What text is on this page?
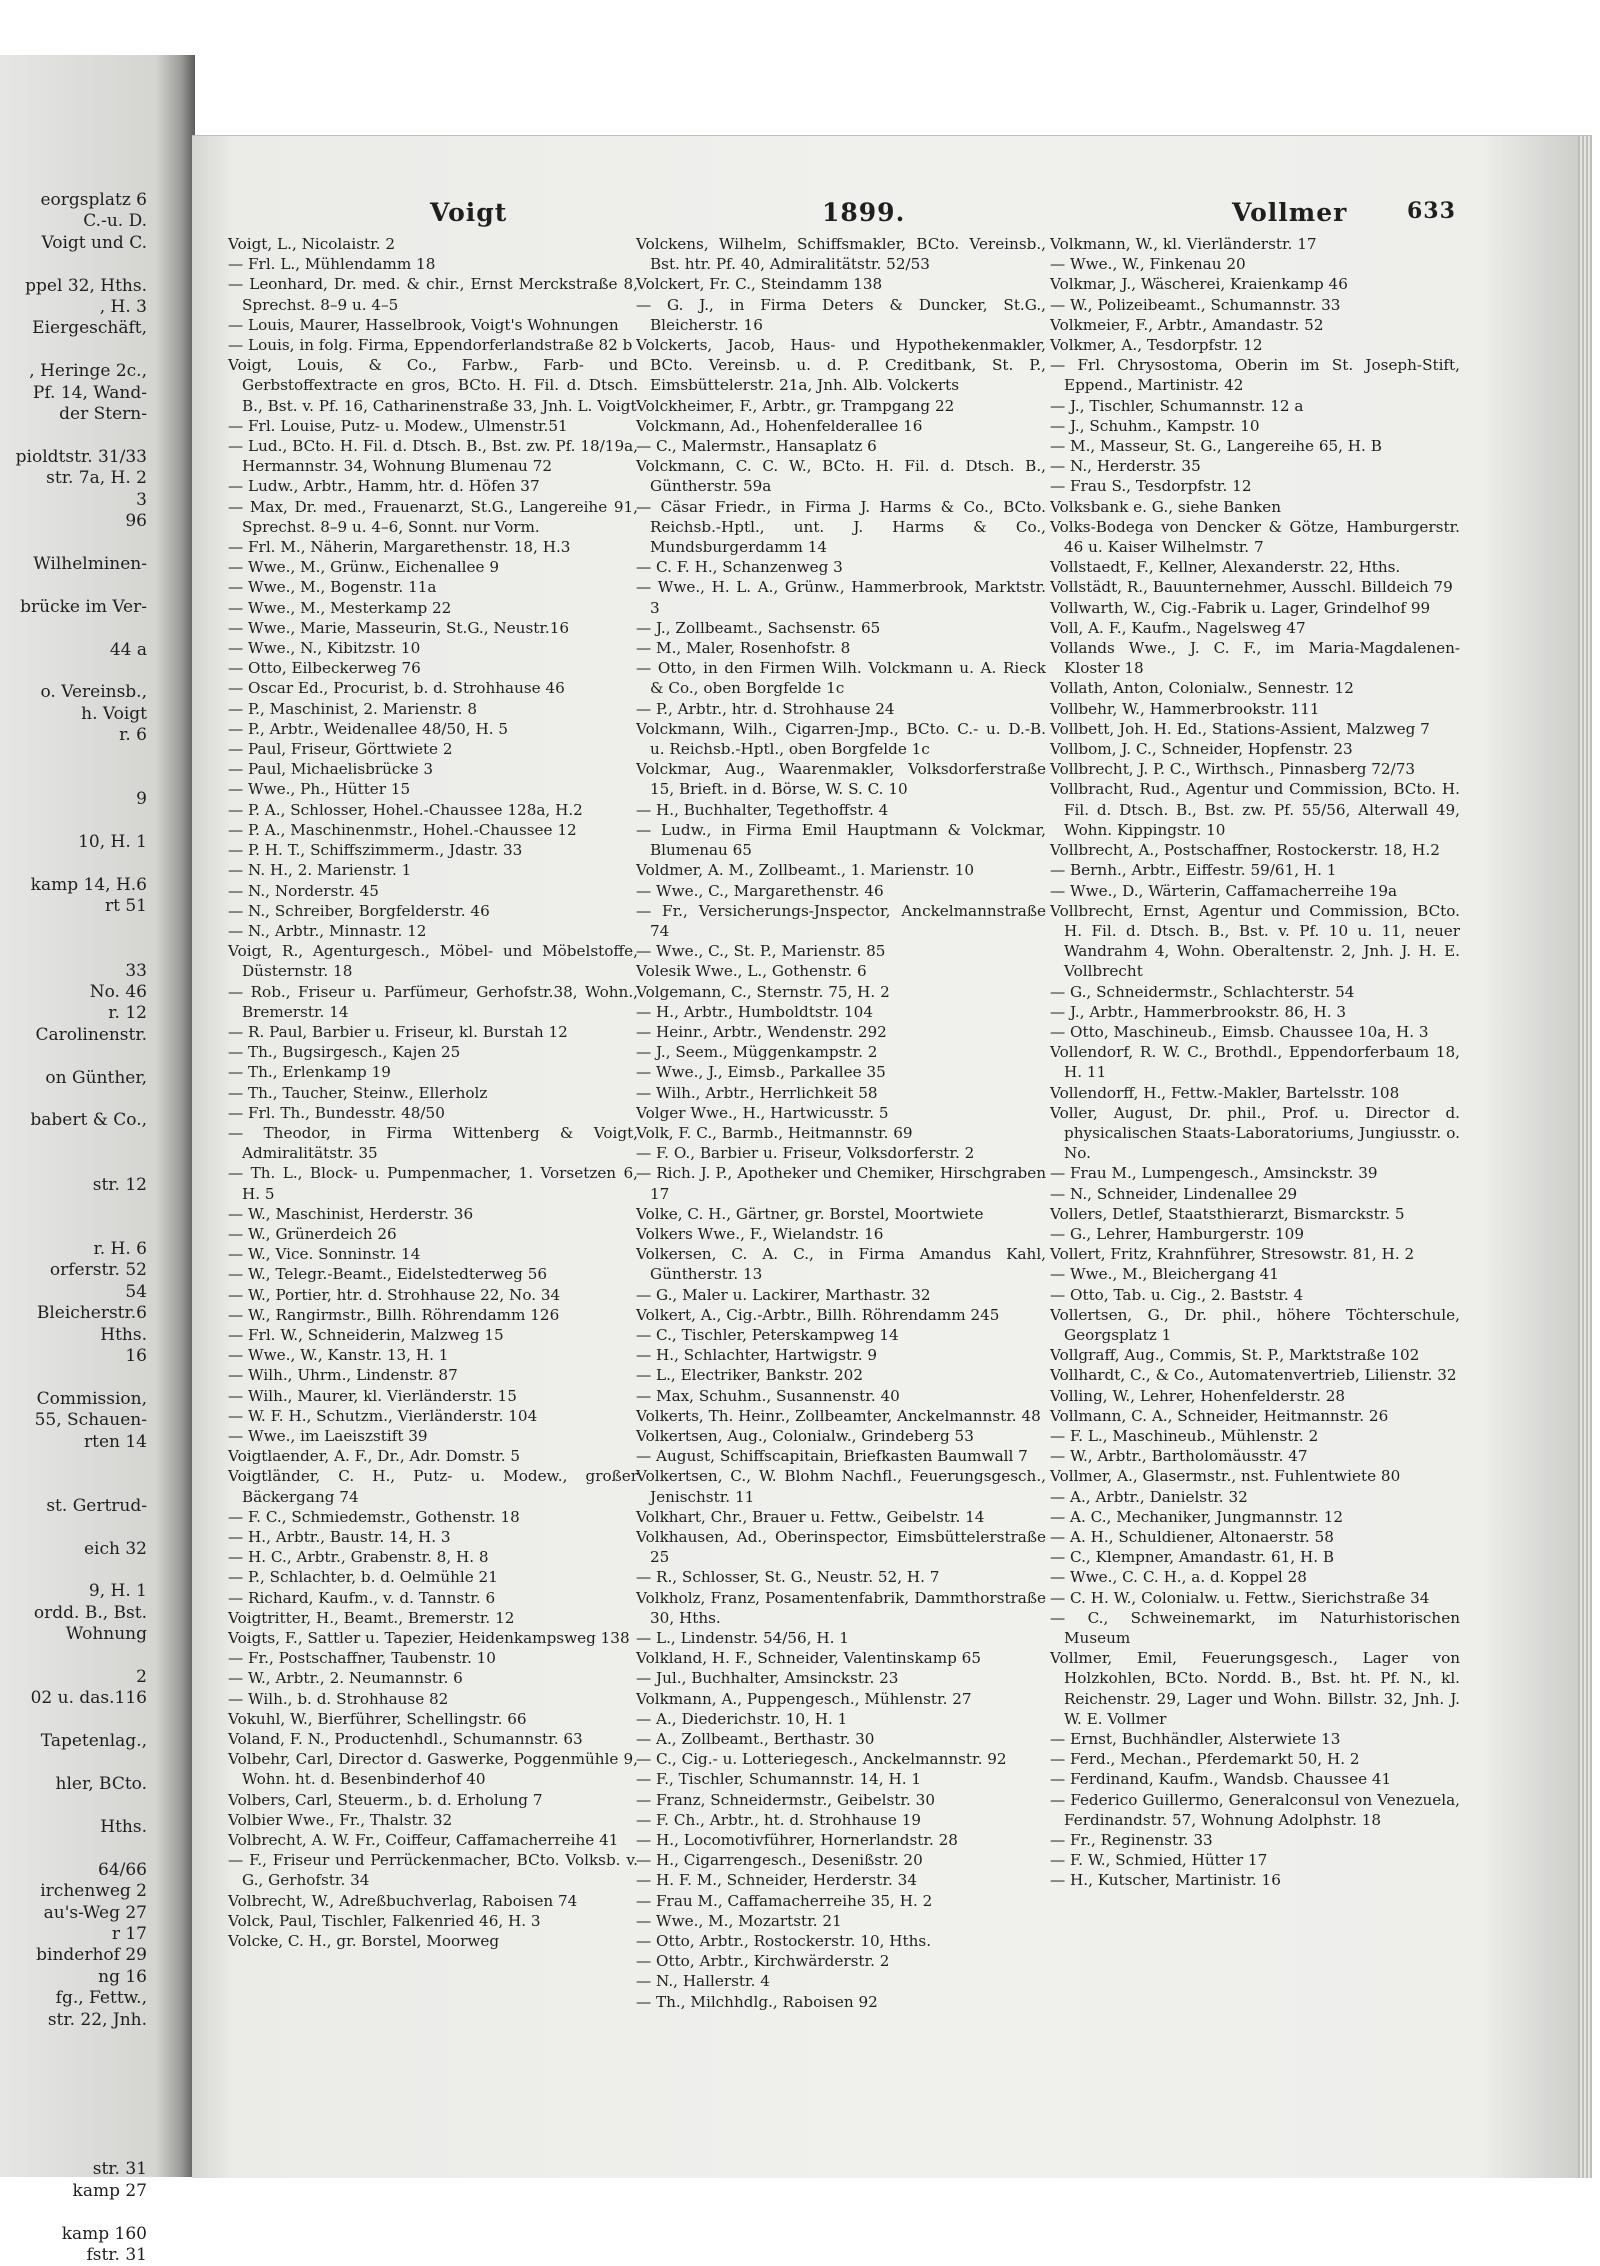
eorgsplatz 6
C.-u. D.
Voigt und C.

ppel 32, Hths.
, H. 3
Eiergeschäft,

, Heringe 2c.,
Pf. 14, Wand-
der Stern-

pioldtstr. 31/33
str. 7a, H. 2
3
96

Wilhelminen-

brücke im Ver-

44 a

o. Vereinsb.,
h. Voigt
r. 6

9

10, H. 1

kamp 14, H.6
rt 51

33
No. 46
r. 12
Carolinenstr.

on Günther,

babert & Co.,

str. 12

r. H. 6
orferstr. 52
54
Bleicherstr.6
Hths.
16

Commission,
55, Schauen-
rten 14

st. Gertrud-

eich 32

9, H. 1
ordd. B., Bst.
Wohnung

2
02 u. das.116

Tapetenlag.,

hler, BCto.

Hths.

64/66
irchenweg 2
au's-Weg 27
r 17
binderhof 29
ng 16
fg., Fettw.,
str. 22, Jnh.

str. 31
kamp 27

kamp 160
fstr. 31
Voigt	1899.	Vollmer	633

Voigt, L., Nicolaistr. 2

— Frl. L., Mühlendamm 18

— Leonhard, Dr. med. & chir., Ernst Merckstraße 8, Sprechst. 8–9 u. 4–5

— Louis, Maurer, Hasselbrook, Voigt's Wohnungen

— Louis, in folg. Firma, Eppendorferlandstraße 82 b

Voigt, Louis, & Co., Farbw., Farb- und Gerbstoffextracte en gros, BCto. H. Fil. d. Dtsch. B., Bst. v. Pf. 16, Catharinenstraße 33, Jnh. L. Voigt

— Frl. Louise, Putz- u. Modew., Ulmenstr.51

— Lud., BCto. H. Fil. d. Dtsch. B., Bst. zw. Pf. 18/19a, Hermannstr. 34, Wohnung Blumenau 72

— Ludw., Arbtr., Hamm, htr. d. Höfen 37

— Max, Dr. med., Frauenarzt, St.G., Langereihe 91, Sprechst. 8–9 u. 4–6, Sonnt. nur Vorm.

— Frl. M., Näherin, Margarethenstr. 18, H.3

— Wwe., M., Grünw., Eichenallee 9

— Wwe., M., Bogenstr. 11a

— Wwe., M., Mesterkamp 22

— Wwe., Marie, Masseurin, St.G., Neustr.16

— Wwe., N., Kibitzstr. 10

— Otto, Eilbeckerweg 76

— Oscar Ed., Procurist, b. d. Strohhause 46

— P., Maschinist, 2. Marienstr. 8

— P., Arbtr., Weidenallee 48/50, H. 5

— Paul, Friseur, Görttwiete 2

— Paul, Michaelisbrücke 3

— Wwe., Ph., Hütter 15

— P. A., Schlosser, Hohel.-Chaussee 128a, H.2

— P. A., Maschinenmstr., Hohel.-Chaussee 12

— P. H. T., Schiffszimmerm., Jdastr. 33

— N. H., 2. Marienstr. 1

— N., Norderstr. 45

— N., Schreiber, Borgfelderstr. 46

— N., Arbtr., Minnastr. 12

Voigt, R., Agenturgesch., Möbel- und Möbelstoffe, Düsternstr. 18

— Rob., Friseur u. Parfümeur, Gerhofstr.38, Wohn., Bremerstr. 14

— R. Paul, Barbier u. Friseur, kl. Burstah 12

— Th., Bugsirgesch., Kajen 25

— Th., Erlenkamp 19

— Th., Taucher, Steinw., Ellerholz

— Frl. Th., Bundesstr. 48/50

— Theodor, in Firma Wittenberg & Voigt, Admiralitätstr. 35

— Th. L., Block- u. Pumpenmacher, 1. Vorsetzen 6, H. 5

— W., Maschinist, Herderstr. 36

— W., Grünerdeich 26

— W., Vice. Sonninstr. 14

— W., Telegr.-Beamt., Eidelstedterweg 56

— W., Portier, htr. d. Strohhause 22, No. 34

— W., Rangirmstr., Billh. Röhrendamm 126

— Frl. W., Schneiderin, Malzweg 15

— Wwe., W., Kanstr. 13, H. 1

— Wilh., Uhrm., Lindenstr. 87

— Wilh., Maurer, kl. Vierländerstr. 15

— W. F. H., Schutzm., Vierländerstr. 104

— Wwe., im Laeiszstift 39

Voigtlaender, A. F., Dr., Adr. Domstr. 5

Voigtländer, C. H., Putz- u. Modew., großer Bäckergang 74

— F. C., Schmiedemstr., Gothenstr. 18

— H., Arbtr., Baustr. 14, H. 3

— H. C., Arbtr., Grabenstr. 8, H. 8

— P., Schlachter, b. d. Oelmühle 21

— Richard, Kaufm., v. d. Tannstr. 6

Voigtritter, H., Beamt., Bremerstr. 12

Voigts, F., Sattler u. Tapezier, Heidenkampsweg 138

— Fr., Postschaffner, Taubenstr. 10

— W., Arbtr., 2. Neumannstr. 6

— Wilh., b. d. Strohhause 82

Vokuhl, W., Bierführer, Schellingstr. 66

Voland, F. N., Productenhdl., Schumannstr. 63

Volbehr, Carl, Director d. Gaswerke, Poggenmühle 9, Wohn. ht. d. Besenbinderhof 40

Volbers, Carl, Steuerm., b. d. Erholung 7

Volbier Wwe., Fr., Thalstr. 32

Volbrecht, A. W. Fr., Coiffeur, Caffamacherreihe 41

— F., Friseur und Perrückenmacher, BCto. Volksb. v. G., Gerhofstr. 34

Volbrecht, W., Adreßbuchverlag, Raboisen 74

Volck, Paul, Tischler, Falkenried 46, H. 3

Volcke, C. H., gr. Borstel, Moorweg

Volckens, Wilhelm, Schiffsmakler, BCto. Vereinsb., Bst. htr. Pf. 40, Admiralitätstr. 52/53

Volckert, Fr. C., Steindamm 138

— G. J., in Firma Deters & Duncker, St.G., Bleicherstr. 16

Volckerts, Jacob, Haus- und Hypothekenmakler, BCto. Vereinsb. u. d. P. Creditbank, St. P., Eimsbüttelerstr. 21a, Jnh. Alb. Volckerts

Volckheimer, F., Arbtr., gr. Trampgang 22

Volckmann, Ad., Hohenfelderallee 16

— C., Malermstr., Hansaplatz 6

Volckmann, C. C. W., BCto. H. Fil. d. Dtsch. B., Güntherstr. 59a

— Cäsar Friedr., in Firma J. Harms & Co., BCto. Reichsb.-Hptl., unt. J. Harms & Co., Mundsburgerdamm 14

— C. F. H., Schanzenweg 3

— Wwe., H. L. A., Grünw., Hammerbrook, Marktstr. 3

— J., Zollbeamt., Sachsenstr. 65

— M., Maler, Rosenhofstr. 8

— Otto, in den Firmen Wilh. Volckmann u. A. Rieck & Co., oben Borgfelde 1c

— P., Arbtr., htr. d. Strohhause 24

Volckmann, Wilh., Cigarren-Jmp., BCto. C.- u. D.-B. u. Reichsb.-Hptl., oben Borgfelde 1c

Volckmar, Aug., Waarenmakler, Volksdorferstraße 15, Brieft. in d. Börse, W. S. C. 10

— H., Buchhalter, Tegethoffstr. 4

— Ludw., in Firma Emil Hauptmann & Volckmar, Blumenau 65

Voldmer, A. M., Zollbeamt., 1. Marienstr. 10

— Wwe., C., Margarethenstr. 46

— Fr., Versicherungs-Jnspector, Anckelmannstraße 74

— Wwe., C., St. P., Marienstr. 85

Volesik Wwe., L., Gothenstr. 6

Volgemann, C., Sternstr. 75, H. 2

— H., Arbtr., Humboldtstr. 104

— Heinr., Arbtr., Wendenstr. 292

— J., Seem., Müggenkampstr. 2

— Wwe., J., Eimsb., Parkallee 35

— Wilh., Arbtr., Herrlichkeit 58

Volger Wwe., H., Hartwicusstr. 5

Volk, F. C., Barmb., Heitmannstr. 69

— F. O., Barbier u. Friseur, Volksdorferstr. 2

— Rich. J. P., Apotheker und Chemiker, Hirschgraben 17

Volke, C. H., Gärtner, gr. Borstel, Moortwiete

Volkers Wwe., F., Wielandstr. 16

Volkersen, C. A. C., in Firma Amandus Kahl, Güntherstr. 13

— G., Maler u. Lackirer, Marthastr. 32

Volkert, A., Cig.-Arbtr., Billh. Röhrendamm 245

— C., Tischler, Peterskampweg 14

— H., Schlachter, Hartwigstr. 9

— L., Electriker, Bankstr. 202

— Max, Schuhm., Susannenstr. 40

Volkerts, Th. Heinr., Zollbeamter, Anckelmannstr. 48

Volkertsen, Aug., Colonialw., Grindeberg 53

— August, Schiffscapitain, Briefkasten Baumwall 7

Volkertsen, C., W. Blohm Nachfl., Feuerungsgesch., Jenischstr. 11

Volkhart, Chr., Brauer u. Fettw., Geibelstr. 14

Volkhausen, Ad., Oberinspector, Eimsbüttelerstraße 25

— R., Schlosser, St. G., Neustr. 52, H. 7

Volkholz, Franz, Posamentenfabrik, Dammthorstraße 30, Hths.

— L., Lindenstr. 54/56, H. 1

Volkland, H. F., Schneider, Valentinskamp 65

— Jul., Buchhalter, Amsinckstr. 23

Volkmann, A., Puppengesch., Mühlenstr. 27

— A., Diederichstr. 10, H. 1

— A., Zollbeamt., Berthastr. 30

— C., Cig.- u. Lotteriegesch., Anckelmannstr. 92

— F., Tischler, Schumannstr. 14, H. 1

— Franz, Schneidermstr., Geibelstr. 30

— F. Ch., Arbtr., ht. d. Strohhause 19

— H., Locomotivführer, Hornerlandstr. 28

— H., Cigarrengesch., Desenißstr. 20

— H. F. M., Schneider, Herderstr. 34

— Frau M., Caffamacherreihe 35, H. 2

— Wwe., M., Mozartstr. 21

— Otto, Arbtr., Rostockerstr. 10, Hths.

— Otto, Arbtr., Kirchwärderstr. 2

— N., Hallerstr. 4

— Th., Milchhdlg., Raboisen 92

Volkmann, W., kl. Vierländerstr. 17

— Wwe., W., Finkenau 20

Volkmar, J., Wäscherei, Kraienkamp 46

— W., Polizeibeamt., Schumannstr. 33

Volkmeier, F., Arbtr., Amandastr. 52

Volkmer, A., Tesdorpfstr. 12

— Frl. Chrysostoma, Oberin im St. Joseph-Stift, Eppend., Martinistr. 42

— J., Tischler, Schumannstr. 12 a

— J., Schuhm., Kampstr. 10

— M., Masseur, St. G., Langereihe 65, H. B

— N., Herderstr. 35

— Frau S., Tesdorpfstr. 12

Volksbank e. G., siehe Banken

Volks-Bodega von Dencker & Götze, Hamburgerstr. 46 u. Kaiser Wilhelmstr. 7

Vollstaedt, F., Kellner, Alexanderstr. 22, Hths.

Vollstädt, R., Bauunternehmer, Ausschl. Billdeich 79

Vollwarth, W., Cig.-Fabrik u. Lager, Grindelhof 99

Voll, A. F., Kaufm., Nagelsweg 47

Vollands Wwe., J. C. F., im Maria-Magdalenen-Kloster 18

Vollath, Anton, Colonialw., Sennestr. 12

Vollbehr, W., Hammerbrookstr. 111

Vollbett, Joh. H. Ed., Stations-Assient, Malzweg 7

Vollbom, J. C., Schneider, Hopfenstr. 23

Vollbrecht, J. P. C., Wirthsch., Pinnasberg 72/73

Vollbracht, Rud., Agentur und Commission, BCto. H. Fil. d. Dtsch. B., Bst. zw. Pf. 55/56, Alterwall 49, Wohn. Kippingstr. 10

Vollbrecht, A., Postschaffner, Rostockerstr. 18, H.2

— Bernh., Arbtr., Eiffestr. 59/61, H. 1

— Wwe., D., Wärterin, Caffamacherreihe 19a

Vollbrecht, Ernst, Agentur und Commission, BCto. H. Fil. d. Dtsch. B., Bst. v. Pf. 10 u. 11, neuer Wandrahm 4, Wohn. Oberaltenstr. 2, Jnh. J. H. E. Vollbrecht

— G., Schneidermstr., Schlachterstr. 54

— J., Arbtr., Hammerbrookstr. 86, H. 3

— Otto, Maschineub., Eimsb. Chaussee 10a, H. 3

Vollendorf, R. W. C., Brothdl., Eppendorferbaum 18, H. 11

Vollendorff, H., Fettw.-Makler, Bartelsstr. 108

Voller, August, Dr. phil., Prof. u. Director d. physicalischen Staats-Laboratoriums, Jungiusstr. o. No.

— Frau M., Lumpengesch., Amsinckstr. 39

— N., Schneider, Lindenallee 29

Vollers, Detlef, Staatsthierarzt, Bismarckstr. 5

— G., Lehrer, Hamburgerstr. 109

Vollert, Fritz, Krahnführer, Stresowstr. 81, H. 2

— Wwe., M., Bleichergang 41

— Otto, Tab. u. Cig., 2. Baststr. 4

Vollertsen, G., Dr. phil., höhere Töchterschule, Georgsplatz 1

Vollgraff, Aug., Commis, St. P., Marktstraße 102

Vollhardt, C., & Co., Automatenvertrieb, Lilienstr. 32

Volling, W., Lehrer, Hohenfelderstr. 28

Vollmann, C. A., Schneider, Heitmannstr. 26

— F. L., Maschineub., Mühlenstr. 2

— W., Arbtr., Bartholomäusstr. 47

Vollmer, A., Glasermstr., nst. Fuhlentwiete 80

— A., Arbtr., Danielstr. 32

— A. C., Mechaniker, Jungmannstr. 12

— A. H., Schuldiener, Altonaerstr. 58

— C., Klempner, Amandastr. 61, H. B

— Wwe., C. C. H., a. d. Koppel 28

— C. H. W., Colonialw. u. Fettw., Sierichstraße 34

— C., Schweinemarkt, im Naturhistorischen Museum

Vollmer, Emil, Feuerungsgesch., Lager von Holzkohlen, BCto. Nordd. B., Bst. ht. Pf. N., kl. Reichenstr. 29, Lager und Wohn. Billstr. 32, Jnh. J. W. E. Vollmer

— Ernst, Buchhändler, Alsterwiete 13

— Ferd., Mechan., Pferdemarkt 50, H. 2

— Ferdinand, Kaufm., Wandsb. Chaussee 41

— Federico Guillermo, Generalconsul von Venezuela, Ferdinandstr. 57, Wohnung Adolphstr. 18

— Fr., Reginenstr. 33

— F. W., Schmied, Hütter 17

— H., Kutscher, Martinistr. 16
